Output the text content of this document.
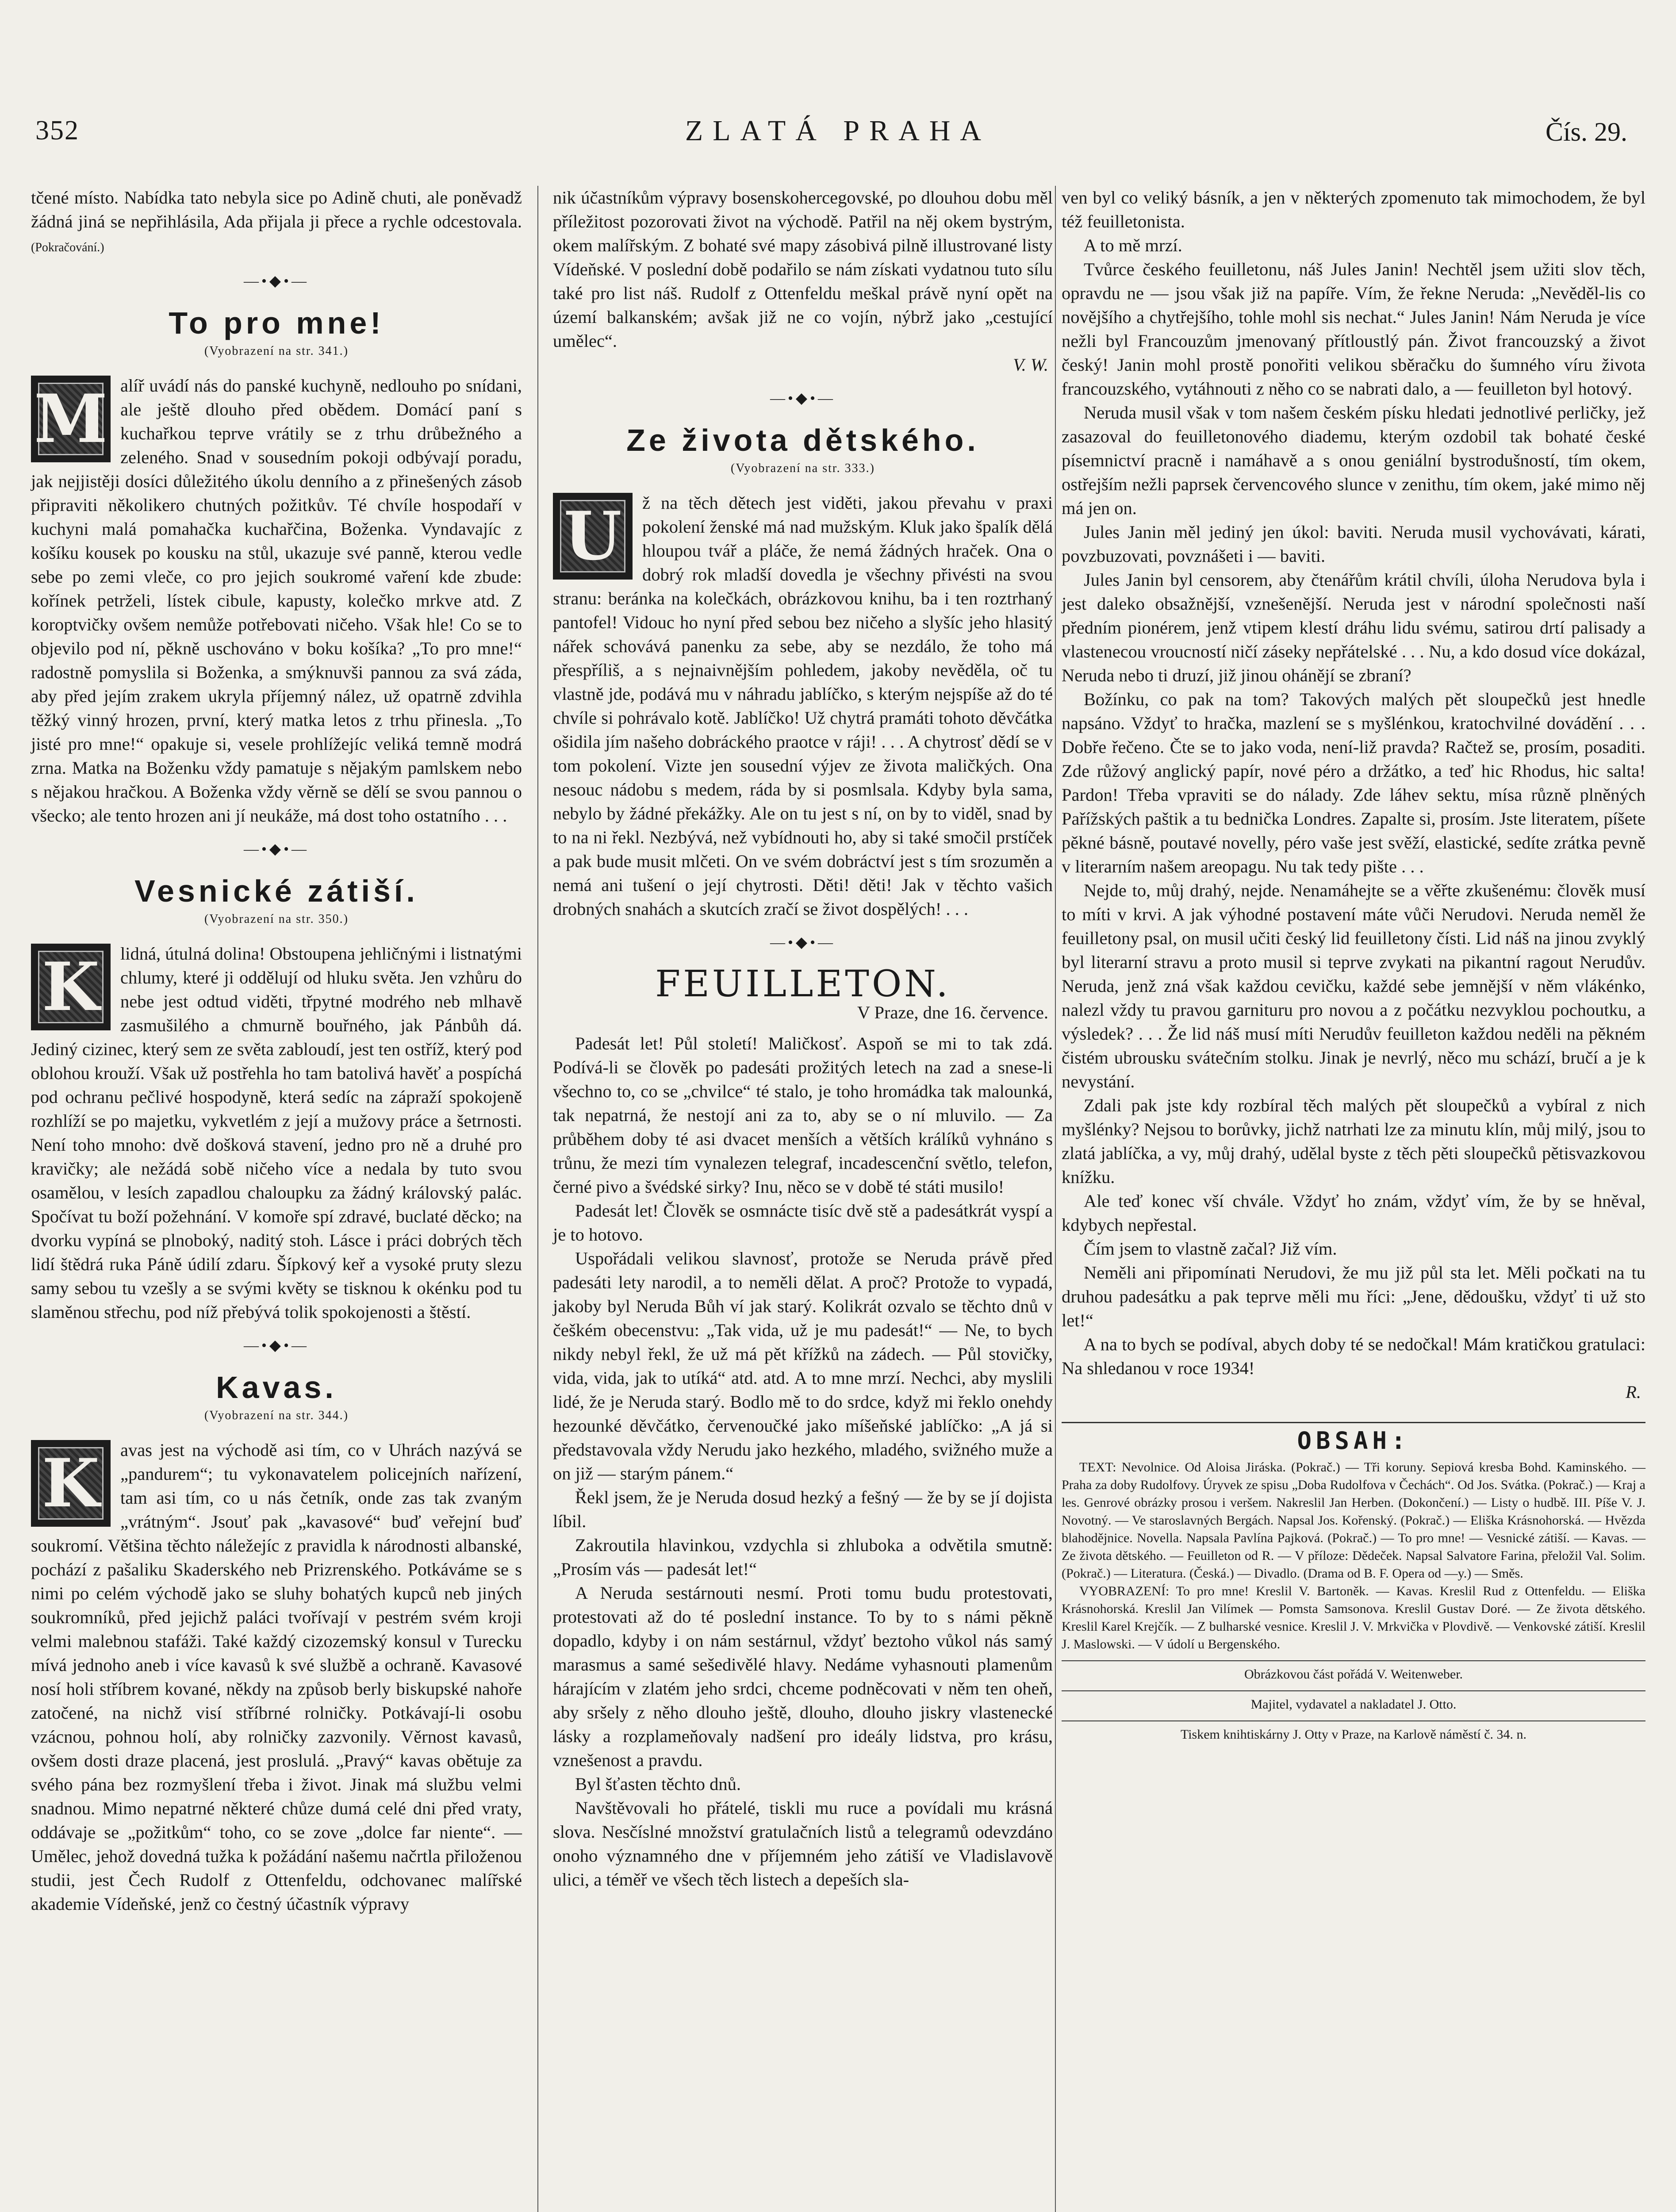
352	ZLATÁ PRAHA	Čís. 29.

tčené místo. Nabídka tato nebyla sice po Adině chuti, ale poněvadž žádná jiná se nepřihlásila, Ada přijala ji přece a rychle odcestovala. (Pokračování.)

—•◆•—
To pro mne!
(Vyobrazení na str. 341.)
M alíř uvádí nás do panské kuchyně, nedlouho po snídani, ale ještě dlouho před obědem. Domácí paní s kuchařkou teprve vrátily se z trhu drůbežného a zeleného. Snad v sousedním pokoji odbývají poradu, jak nejjistěji dosíci důležitého úkolu denního a z přinešených zásob připraviti několikero chutných požitkův. Té chvíle hospodaří v kuchyni malá pomahačka kuchařčina, Boženka. Vyndavajíc z košíku kousek po kousku na stůl, ukazuje své panně, kterou vedle sebe po zemi vleče, co pro jejich soukromé vaření kde zbude: kořínek petrželi, lístek cibule, kapusty, kolečko mrkve atd. Z koroptvičky ovšem nemůže potřebovati ničeho. Však hle! Co se to objevilo pod ní, pěkně uschováno v boku košíka? „To pro mne!“ radostně pomyslila si Boženka, a smýknuvši pannou za svá záda, aby před jejím zrakem ukryla příjemný nález, už opatrně zdvihla těžký vinný hrozen, první, který matka letos z trhu přinesla. „To jisté pro mne!“ opakuje si, vesele prohlížejíc veliká temně modrá zrna. Matka na Boženku vždy pamatuje s nějakým pamlskem nebo s nějakou hračkou. A Boženka vždy věrně se dělí se svou pannou o všecko; ale tento hrozen ani jí neukáže, má dost toho ostatního . . .

—•◆•—
Vesnické zátiší.
(Vyobrazení na str. 350.)
K	lidná, útulná dolina! Obstoupena jehličnými i listnatými chlumy, které ji oddělují od hluku světa. Jen vzhůru do nebe jest odtud viděti, třpytné modrého neb mlhavě zasmušilého a chmurně bouřného, jak Pánbůh dá. Jediný cizinec, který sem ze světa zabloudí, jest ten ostříž, který pod oblohou krouží. Však už postřehla ho tam batolivá havěť a pospíchá pod ochranu pečlivé hospodyně, která sedíc na zápraží spokojeně rozhlíží se po majetku, vykvetlém z její a mužovy práce a šetrnosti. Není toho mnoho: dvě došková stavení, jedno pro ně a druhé pro kravičky; ale nežádá sobě ničeho více a nedala by tuto svou osamělou, v lesích zapadlou chaloupku za žádný královský palác. Spočívat tu boží požehnání. V komoře spí zdravé, buclaté děcko; na dvorku vypíná se plnoboký, naditý stoh. Lásce i práci dobrých těch lidí štědrá ruka Páně údilí zdaru. Šípkový keř a vysoké pruty slezu samy sebou tu vzešly a se svými květy se tisknou k okénku pod tu slaměnou střechu, pod níž přebývá tolik spokojenosti a štěstí.

—•◆•—
Kavas.
(Vyobrazení na str. 344.)
K	avas jest na východě asi tím, co v Uhrách nazývá se „pandurem“; tu vykonavatelem policejních nařízení, tam asi tím, co u nás četník, onde zas tak zvaným „vrátným“. Jsouť pak „kavasové“ buď veřejní buď soukromí. Většina těchto náležejíc z pravidla k národnosti albanské, pochází z pašaliku Skaderského neb Prizrenského. Potkáváme se s nimi po celém východě jako se sluhy bohatých kupců neb jiných soukromníků, před jejichž paláci tvořívají v pestrém svém kroji velmi malebnou stafáži. Také každý cizozemský konsul v Turecku mívá jednoho aneb i více kavasů k své službě a ochraně. Kavasové nosí holi stříbrem kované, někdy na způsob berly biskupské nahoře zatočené, na nichž visí stříbrné rolničky. Potkávají-li osobu vzácnou, pohnou holí, aby rolničky zazvonily. Věrnost kavasů, ovšem dosti draze placená, jest proslulá. „Pravý“ kavas obětuje za svého pána bez rozmyšlení třeba i život. Jinak má službu velmi snadnou. Mimo nepatrné některé chůze dumá celé dni před vraty, oddávaje se „požitkům“ toho, co se zove „dolce far niente“. — Umělec, jehož dovedná tužka k požádání našemu načrtla přiloženou studii, jest Čech Rudolf z Ottenfeldu, odchovanec malířské akademie Vídeňské, jenž co čestný účastník výpravy

nik účastníkům výpravy bosenskohercegovské, po dlouhou dobu měl příležitost pozorovati život na východě. Patřil na něj okem bystrým, okem malířským. Z bohaté své mapy zásobivá pilně illustrované listy Vídeňské. V poslední době podařilo se nám získati vydatnou tuto sílu také pro list náš. Rudolf z Ottenfeldu meškal právě nyní opět na území balkanském; avšak již ne co vojín, nýbrž jako „cestující umělec“.

V. W.
—•◆•—
Ze života dětského.
(Vyobrazení na str. 333.)
U	ž na těch dětech jest viděti, jakou převahu v praxi pokolení ženské má nad mužským. Kluk jako špalík dělá hloupou tvář a pláče, že nemá žádných hraček. Ona o dobrý rok mladší dovedla je všechny přivésti na svou stranu: beránka na kolečkách, obrázkovou knihu, ba i ten roztrhaný pantofel! Vidouc ho nyní před sebou bez ničeho a slyšíc jeho hlasitý nářek schovává panenku za sebe, aby se nezdálo, že toho má přespříliš, a s nejnaivnějším pohledem, jakoby nevěděla, oč tu vlastně jde, podává mu v náhradu jablíčko, s kterým nejspíše až do té chvíle si pohrávalo kotě. Jablíčko! Už chytrá pramáti tohoto děvčátka ošidila jím našeho dobráckého praotce v ráji! . . . A chytrosť dědí se v tom pokolení. Vizte jen sousední výjev ze života maličkých. Ona nesouc nádobu s medem, ráda by si posmlsala. Kdyby byla sama, nebylo by žádné překážky. Ale on tu jest s ní, on by to viděl, snad by to na ni řekl. Nezbývá, než vybídnouti ho, aby si také smočil prstíček a pak bude musit mlčeti. On ve svém dobráctví jest s tím srozuměn a nemá ani tušení o její chytrosti. Děti! děti! Jak v těchto vašich drobných snahách a skutcích zračí se život dospělých! . . .

—•◆•—
FEUILLETON.
V Praze, dne 16. července.

Padesát let! Půl století! Maličkosť. Aspoň se mi to tak zdá. Podívá-li se člověk po padesáti prožitých letech na zad a snese-li všechno to, co se „chvilce“ té stalo, je toho hromádka tak malounká, tak nepatrná, že nestojí ani za to, aby se o ní mluvilo. — Za průběhem doby té asi dvacet menších a větších králíků vyhnáno s trůnu, že mezi tím vynalezen telegraf, incadescenční světlo, telefon, černé pivo a švédské sirky? Inu, něco se v době té státi musilo!

Padesát let! Člověk se osmnácte tisíc dvě stě a padesátkrát vyspí a je to hotovo.

Uspořádali velikou slavnosť, protože se Neruda právě před padesáti lety narodil, a to neměli dělat. A proč? Protože to vypadá, jakoby byl Neruda Bůh ví jak starý. Kolikrát ozvalo se těchto dnů v češkém obecenstvu: „Tak vida, už je mu padesát!“ — Ne, to bych nikdy nebyl řekl, že už má pět křížků na zádech. — Půl stovičky, vida, vida, jak to utíká“ atd. atd. A to mne mrzí. Nechci, aby myslili lidé, že je Neruda starý. Bodlo mě to do srdce, když mi řeklo onehdy hezounké děvčátko, červenoučké jako míšeňské jablíčko: „A já si představovala vždy Nerudu jako hezkého, mladého, svižného muže a on již — starým pánem.“

Řekl jsem, že je Neruda dosud hezký a fešný — že by se jí dojista líbil.

Zakroutila hlavinkou, vzdychla si zhluboka a odvětila smutně: „Prosím vás — padesát let!“

A Neruda sestárnouti nesmí. Proti tomu budu protestovati, protestovati až do té poslední instance. To by to s námi pěkně dopadlo, kdyby i on nám sestárnul, vždyť beztoho vůkol nás samý marasmus a samé sešedivělé hlavy. Nedáme vyhasnouti plamenům hárajícím v zlatém jeho srdci, chceme podněcovati v něm ten oheň, aby sršely z něho dlouho ještě, dlouho, dlouho jiskry vlastenecké lásky a rozplameňovaly nadšení pro ideály lidstva, pro krásu, vznešenost a pravdu.

Byl šťasten těchto dnů.

Navštěvovali ho přátelé, tiskli mu ruce a povídali mu krásná slova. Nesčíslné množství gratulačních listů a telegramů odevzdáno onoho významného dne v příjemném jeho zátiší ve Vladislavově ulici, a téměř ve všech těch listech a depeších sla-

ven byl co veliký básník, a jen v některých zpomenuto tak mimochodem, že byl též feuilletonista.

A to mě mrzí.

Tvůrce českého feuilletonu, náš Jules Janin! Nechtěl jsem užiti slov těch, opravdu ne — jsou však již na papíře. Vím, že řekne Neruda: „Nevěděl-lis co novějšího a chytřejšího, tohle mohl sis nechat.“ Jules Janin! Nám Neruda je více nežli byl Francouzům jmenovaný přítloustlý pán. Život francouzský a život český! Janin mohl prostě ponořiti velikou sběračku do šumného víru života francouzského, vytáhnouti z něho co se nabrati dalo, a — feuilleton byl hotový.

Neruda musil však v tom našem českém písku hledati jednotlivé perličky, jež zasazoval do feuilletonového diademu, kterým ozdobil tak bohaté české písemnictví pracně i namáhavě a s onou geniální bystrodušností, tím okem, ostřejším nežli paprsek červencového slunce v zenithu, tím okem, jaké mimo něj má jen on.

Jules Janin měl jediný jen úkol: baviti. Neruda musil vychovávati, kárati, povzbuzovati, povznášeti i — baviti.

Jules Janin byl censorem, aby čtenářům krátil chvíli, úloha Nerudova byla i jest daleko obsažnější, vznešenější. Neruda jest v národní společnosti naší předním pionérem, jenž vtipem klestí dráhu lidu svému, satirou drtí palisady a vlastenecou vroucností ničí záseky nepřátelské . . . Nu, a kdo dosud více dokázal, Neruda nebo ti druzí, již jinou ohánějí se zbraní?

Božínku, co pak na tom? Takových malých pět sloupečků jest hnedle napsáno. Vždyť to hračka, mazlení se s myšlénkou, kratochvilné dovádění . . . Dobře řečeno. Čte se to jako voda, není-liž pravda? Račtež se, prosím, posaditi. Zde růžový anglický papír, nové péro a držátko, a teď hic Rhodus, hic salta! Pardon! Třeba vpraviti se do nálady. Zde láhev sektu, mísa různě plněných Pařížských paštik a tu bednička Londres. Zapalte si, prosím. Jste literatem, píšete pěkné básně, poutavé novelly, péro vaše jest svěží, elastické, sedíte zrátka pevně v literarním našem areopagu. Nu tak tedy pište . . .

Nejde to, můj drahý, nejde. Nenamáhejte se a věřte zkušenému: člověk musí to míti v krvi. A jak výhodné postavení máte vůči Nerudovi. Neruda neměl že feuilletony psal, on musil učiti český lid feuilletony čísti. Lid náš na jinou zvyklý byl literarní stravu a proto musil si teprve zvykati na pikantní ragout Nerudův. Neruda, jenž zná však každou cevičku, každé sebe jemnější v něm vlákénko, nalezl vždy tu pravou garnituru pro novou a z počátku nezvyklou pochoutku, a výsledek? . . . Že lid náš musí míti Nerudův feuilleton každou neděli na pěkném čistém ubrousku svátečním stolku. Jinak je nevrlý, něco mu schází, bručí a je k nevystání.

Zdali pak jste kdy rozbíral těch malých pět sloupečků a vybíral z nich myšlénky? Nejsou to borůvky, jichž natrhati lze za minutu klín, můj milý, jsou to zlatá jablíčka, a vy, můj drahý, udělal byste z těch pěti sloupečků pětisvazkovou knížku.

Ale teď konec vší chvále. Vždyť ho znám, vždyť vím, že by se hněval, kdybych nepřestal.

Čím jsem to vlastně začal? Již vím.

Neměli ani připomínati Nerudovi, že mu již půl sta let. Měli počkati na tu druhou padesátku a pak teprve měli mu říci: „Jene, dědoušku, vždyť ti už sto let!“

A na to bych se podíval, abych doby té se nedočkal! Mám kratičkou gratulaci: Na shledanou v roce 1934!

R.
OBSAH:

TEXT: Nevolnice. Od Aloisa Jiráska. (Pokrač.) — Tři koruny. Sepiová kresba Bohd. Kaminského. — Praha za doby Rudolfovy. Úryvek ze spisu „Doba Rudolfova v Čechách“. Od Jos. Svátka. (Pokrač.) — Kraj a les. Genrové obrázky prosou i veršem. Nakreslil Jan Herben. (Dokončení.) — Listy o hudbě. III. Píše V. J. Novotný. — Ve staroslavných Bergách. Napsal Jos. Kořenský. (Pokrač.) — Eliška Krásnohorská. — Hvězda blahodějnice. Novella. Napsala Pavlína Pajková. (Pokrač.) — To pro mne! — Vesnické zátiší. — Kavas. — Ze života dětského. — Feuilleton od R. — V příloze: Dědeček. Napsal Salvatore Farina, přeložil Val. Solim. (Pokrač.) — Literatura. (Česká.) — Divadlo. (Drama od B. F. Opera od —y.) — Směs.

VYOBRAZENÍ: To pro mne! Kreslil V. Bartoněk. — Kavas. Kreslil Rud z Ottenfeldu. — Eliška Krásnohorská. Kreslil Jan Vilímek — Pomsta Samsonova. Kreslil Gustav Doré. — Ze života dětského. Kreslil Karel Krejčík. — Z bulharské vesnice. Kreslil J. V. Mrkvička v Plovdivě. — Venkovské zátiší. Kreslil J. Maslowski. — V údolí u Bergenského.

Obrázkovou část pořádá V. Weitenweber.
Majitel, vydavatel a nakladatel J. Otto.
Tiskem knihtiskárny J. Otty v Praze, na Karlově náměstí č. 34. n.
